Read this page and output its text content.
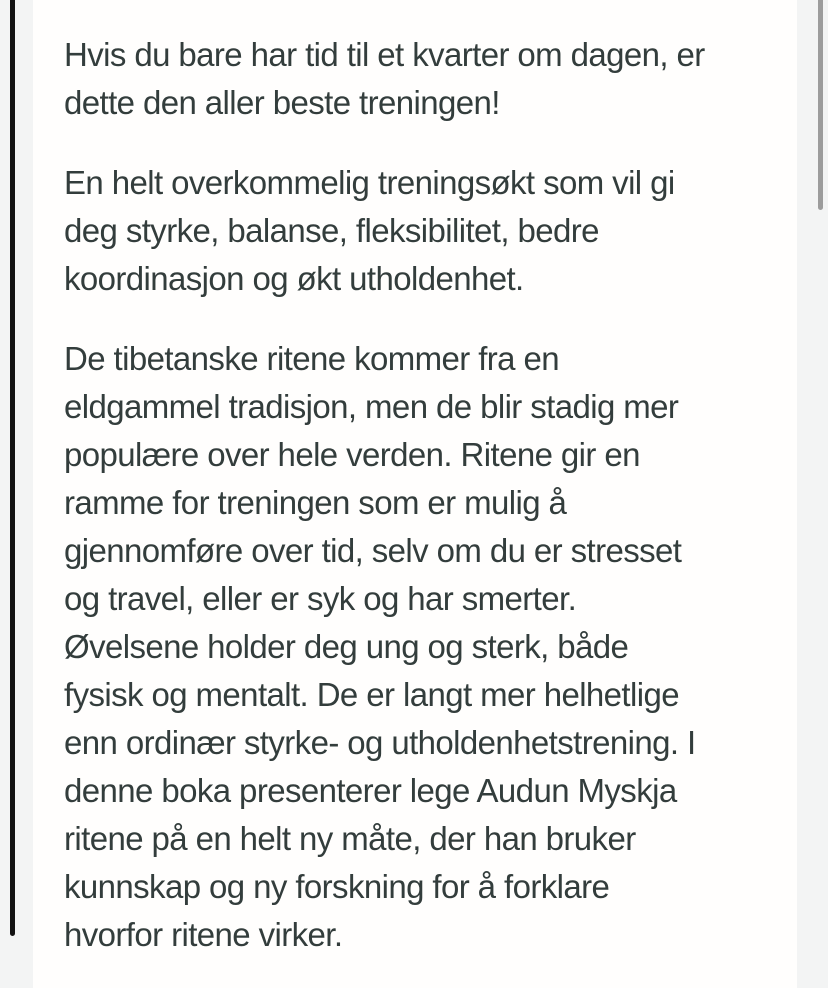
Hvis du bare har tid til et kvarter om dagen, er
dette den aller beste treningen!
En helt overkommelig treningsøkt som vil gi
deg styrke, balanse, fleksibilitet, bedre
koordinasjon og økt utholdenhet.
De tibetanske ritene kommer fra en
eldgammel tradisjon, men de blir stadig mer
populære over hele verden. Ritene gir en
ramme for treningen som er mulig å
gjennomføre over tid, selv om du er stresset
og travel, eller er syk og har smerter.
Øvelsene holder deg ung og sterk, både
fysisk og mentalt. De er langt mer helhetlige
enn ordinær styrke- og utholdenhetstrening. I
denne boka presenterer lege Audun Myskja
ritene på en helt ny måte, der han bruker
kunnskap og ny forskning for å forklare
hvorfor ritene virker.
